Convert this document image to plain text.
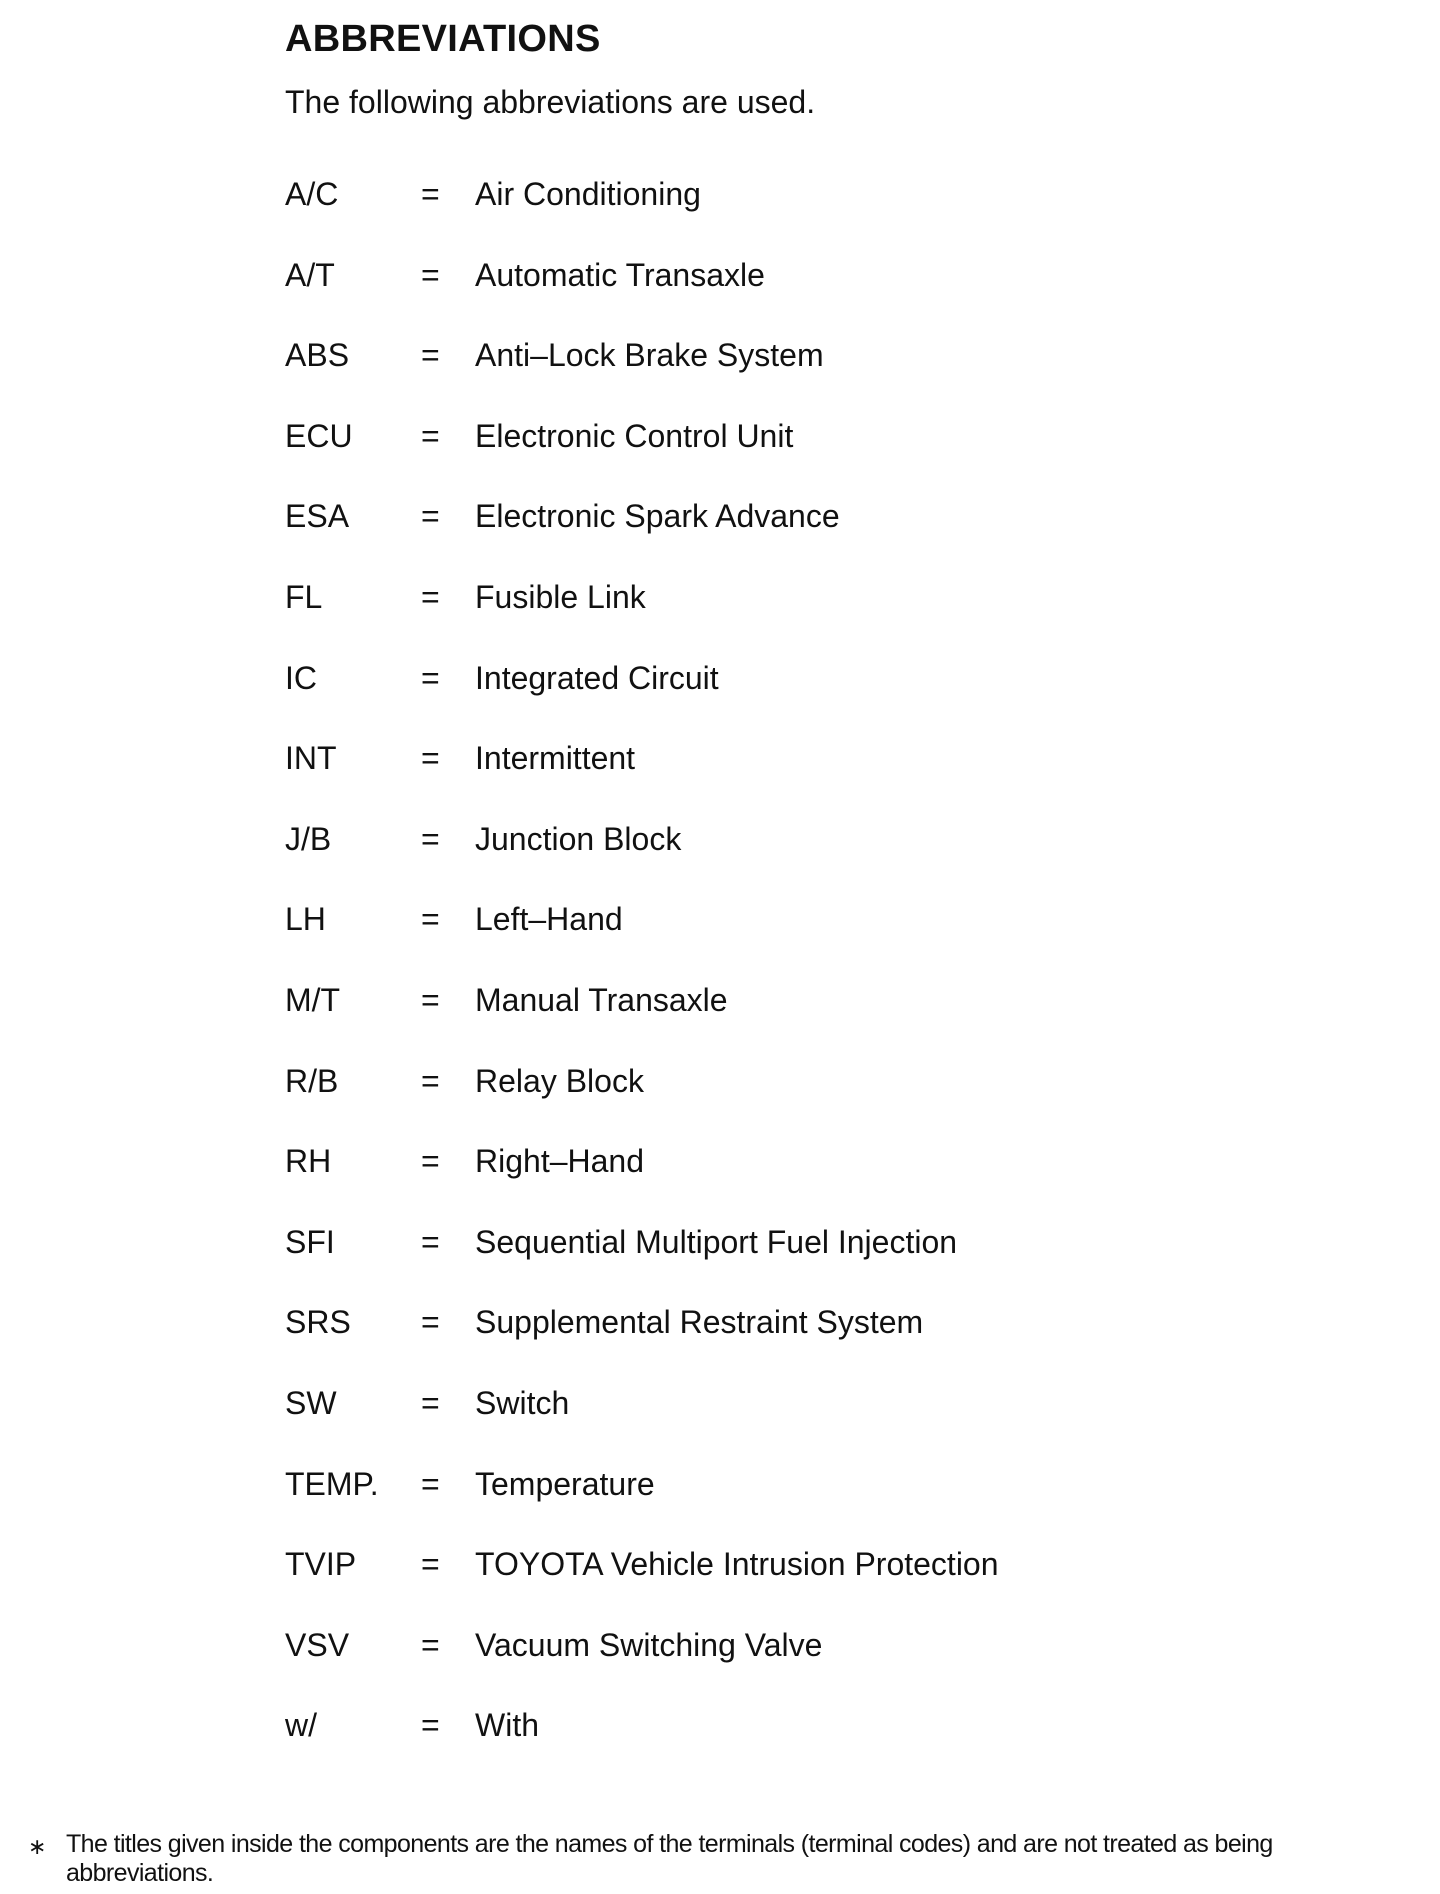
ABBREVIATIONS
The following abbreviations are used.
A/C	= Air Conditioning
A/T	= Automatic Transaxle
ABS = Anti–Lock Brake System
ECU = Electronic Control Unit
ESA = Electronic Spark Advance
FL	= Fusible Link
IC	= Integrated Circuit
INT	= Intermittent
J/B	= Junction Block
LH	= Left–Hand
M/T	= Manual Transaxle
R/B	= Relay Block
RH	= Right–Hand
SFI	= Sequential Multiport Fuel Injection
SRS = Supplemental Restraint System
SW	= Switch
TEMP. = Temperature
TVIP = TOYOTA Vehicle Intrusion Protection
VSV = Vacuum Switching Valve
w/	= With
∗ The titles given inside the components are the names of the terminals (terminal codes) and are not treated as being abbreviations.
